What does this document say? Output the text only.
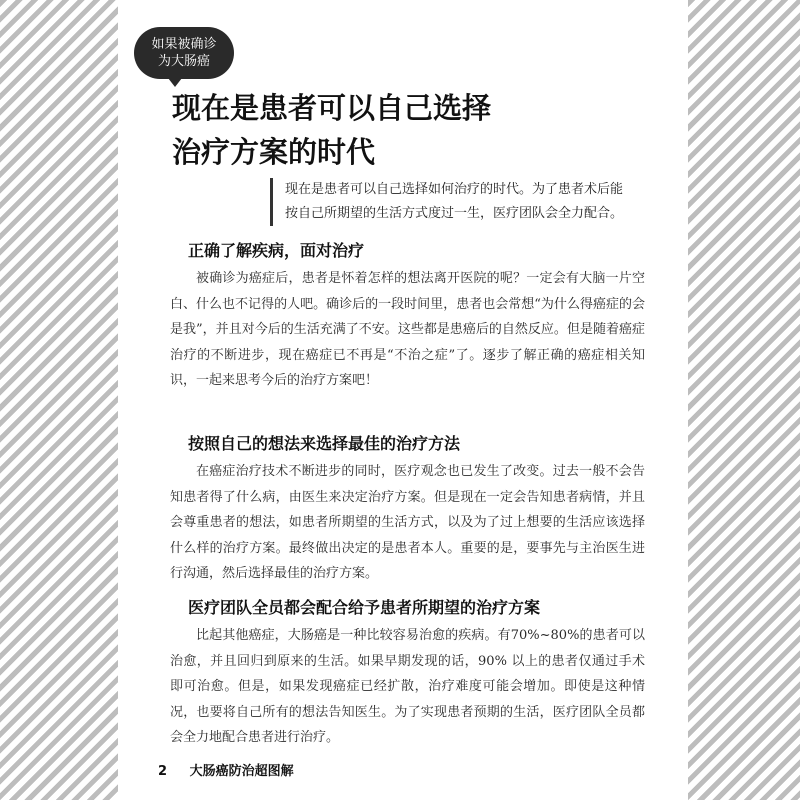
如果被确诊
为大肠癌
现在是患者可以自己选择
治疗方案的时代
现在是患者可以自己选择如何治疗的时代。为了患者术后能
按自己所期望的生活方式度过一生，医疗团队会全力配合。
正确了解疾病，面对治疗

被确诊为癌症后，患者是怀着怎样的想法离开医院的呢？一定会有大脑一片空白、什么也不记得的人吧。确诊后的一段时间里，患者也会常想“为什么得癌症的会是我”，并且对今后的生活充满了不安。这些都是患癌后的自然反应。但是随着癌症治疗的不断进步，现在癌症已不再是“不治之症”了。逐步了解正确的癌症相关知识，一起来思考今后的治疗方案吧！

按照自己的想法来选择最佳的治疗方法

在癌症治疗技术不断进步的同时，医疗观念也已发生了改变。过去一般不会告知患者得了什么病，由医生来决定治疗方案。但是现在一定会告知患者病情，并且会尊重患者的想法，如患者所期望的生活方式，以及为了过上想要的生活应该选择什么样的治疗方案。最终做出决定的是患者本人。重要的是，要事先与主治医生进行沟通，然后选择最佳的治疗方案。

医疗团队全员都会配合给予患者所期望的治疗方案

比起其他癌症，大肠癌是一种比较容易治愈的疾病。有70%~80%的患者可以治愈，并且回归到原来的生活。如果早期发现的话，90% 以上的患者仅通过手术即可治愈。但是，如果发现癌症已经扩散，治疗难度可能会增加。即使是这种情况，也要将自己所有的想法告知医生。为了实现患者预期的生活，医疗团队全员都会全力地配合患者进行治疗。

2 大肠癌防治超图解
